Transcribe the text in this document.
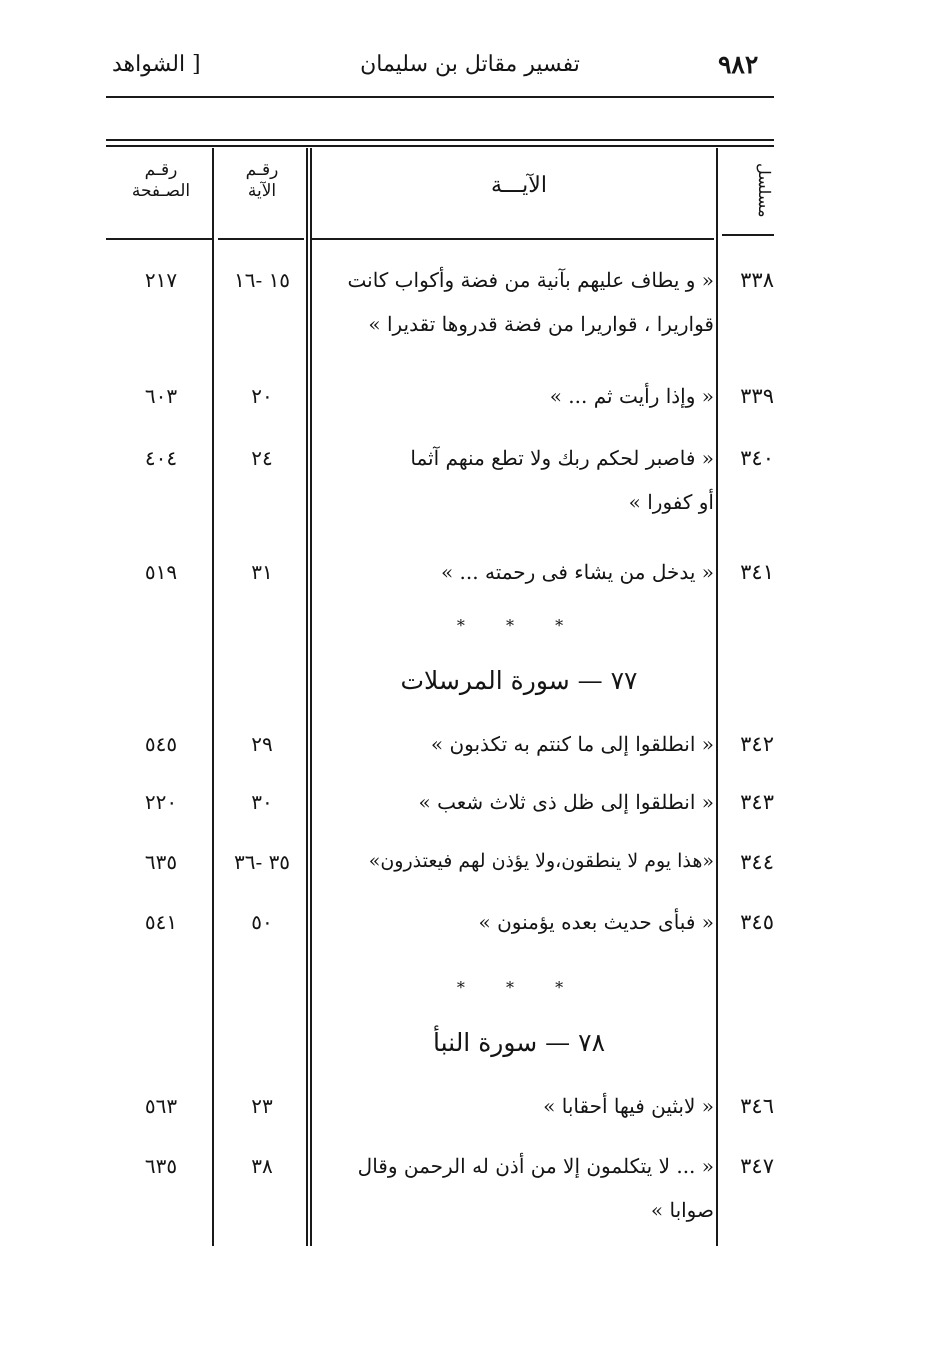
٩٨٢
تفسير مقاتل بن سليمان
[ الشواهد
مسلسل
الآيـــة
رقـم
الآية
رقـم
الصـفحة
٣٣٨
« و يطاف عليهم بآنية من فضة وأكواب كانت
قواريرا ، قواريرا من فضة قدروها تقديرا »
١٥ -١٦
٢١٧
٣٣٩
« وإذا رأيت ثم ... »
٢٠
٦٠٣
٣٤٠
« فاصبر لحكم ربك ولا تطع منهم آثما
أو كفورا »
٢٤
٤٠٤
٣٤١
« يدخل من يشاء فى رحمته ... »
٣١
٥١٩
* * *
٧٧ — سورة المرسلات
٣٤٢
« انطلقوا إلى ما كنتم به تكذبون »
٢٩
٥٤٥
٣٤٣
« انطلقوا إلى ظل ذى ثلاث شعب »
٣٠
٢٢٠
٣٤٤
«هذا يوم لا ينطقون،ولا يؤذن لهم فيعتذرون»
٣٥ -٣٦
٦٣٥
٣٤٥
« فبأى حديث بعده يؤمنون »
٥٠
٥٤١
* * *
٧٨ — سورة النبأ
٣٤٦
« لابثين فيها أحقابا »
٢٣
٥٦٣
٣٤٧
« ... لا يتكلمون إلا من أذن له الرحمن وقال
صوابا »
٣٨
٦٣٥
